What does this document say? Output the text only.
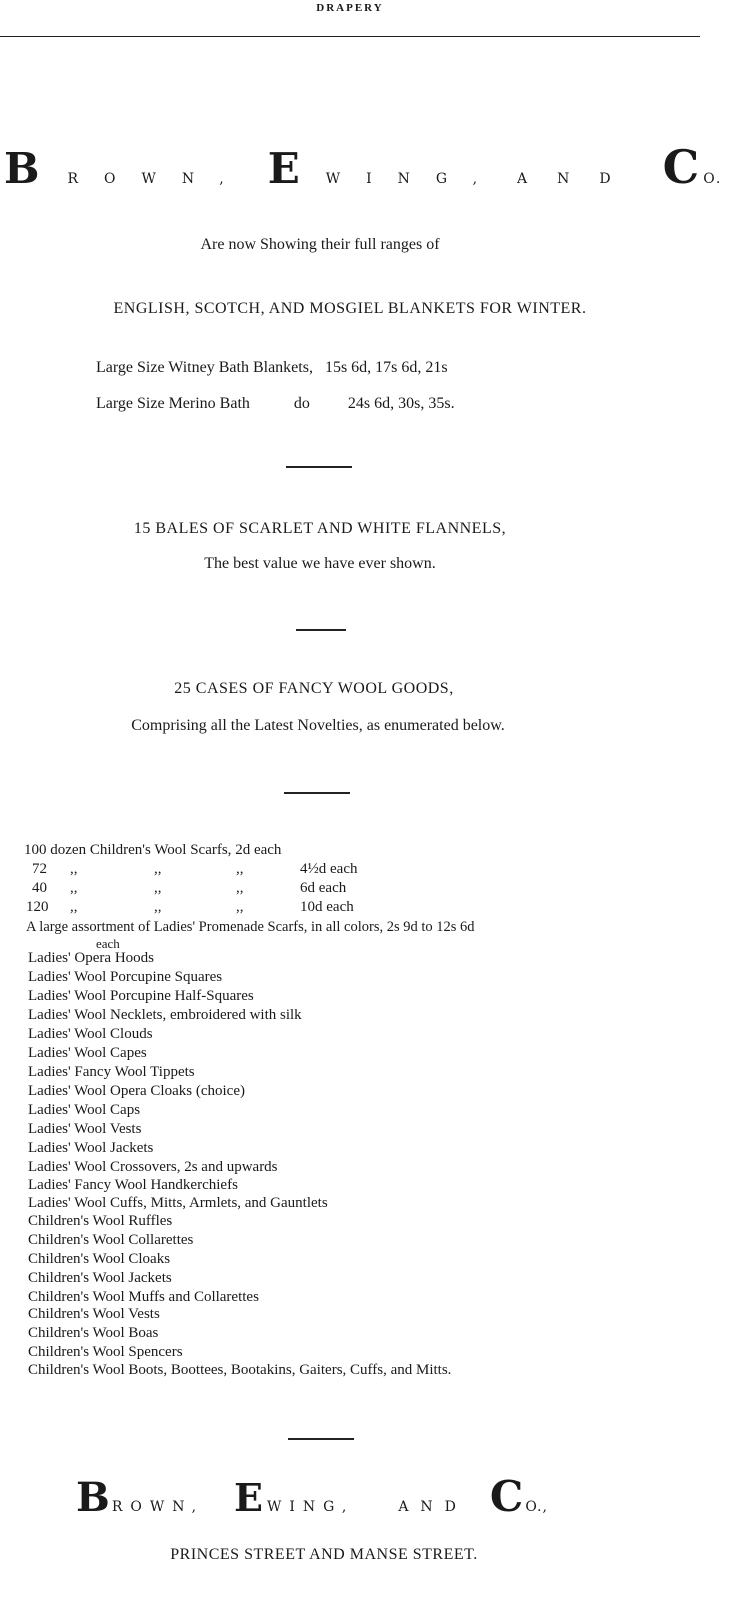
DRAPERY
B ROWN, E WING, AND C O.
Are now Showing their full ranges of
ENGLISH, SCOTCH, AND MOSGIEL BLANKETS FOR WINTER.
Large Size Witney Bath Blankets, 15s 6d, 17s 6d, 21s
Large Size Merino Bath	do 24s 6d, 30s, 35s.
15 BALES OF SCARLET AND WHITE FLANNELS,
The best value we have ever shown.
25 CASES OF FANCY WOOL GOODS,
Comprising all the Latest Novelties, as enumerated below.
100 dozen Children's Wool Scarfs, 2d each
72 ,,	,,	,,	4½d each
40 ,,	,,	,,	6d each
120 ,,	,,	,,	10d each
A large assortment of Ladies' Promenade Scarfs, in all colors, 2s 9d to 12s 6d
each
Ladies' Opera Hoods
Ladies' Wool Porcupine Squares
Ladies' Wool Porcupine Half-Squares
Ladies' Wool Necklets, embroidered with silk
Ladies' Wool Clouds
Ladies' Wool Capes
Ladies' Fancy Wool Tippets
Ladies' Wool Opera Cloaks (choice)
Ladies' Wool Caps
Ladies' Wool Vests
Ladies' Wool Jackets
Ladies' Wool Crossovers, 2s and upwards
Ladies' Fancy Wool Handkerchiefs
Ladies' Wool Cuffs, Mitts, Armlets, and Gauntlets
Children's Wool Ruffles
Children's Wool Collarettes
Children's Wool Cloaks
Children's Wool Jackets
Children's Wool Muffs and Collarettes
Children's Wool Vests
Children's Wool Boas
Children's Wool Spencers
Children's Wool Boots, Boottees, Bootakins, Gaiters, Cuffs, and Mitts.
B ROWN, E WING,	AND C O.,
PRINCES STREET AND MANSE STREET.
